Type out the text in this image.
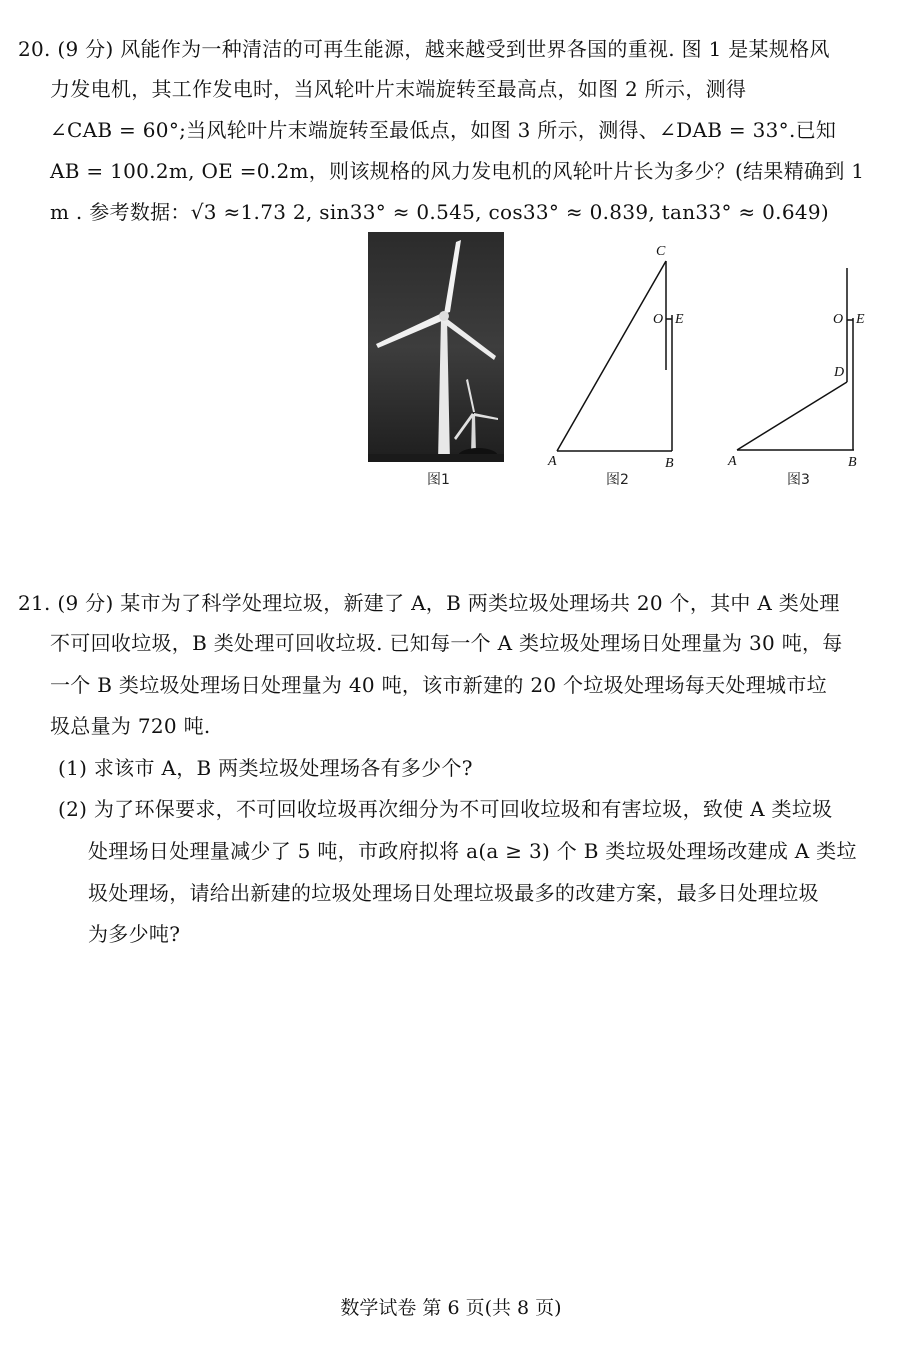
20. (9 分) 风能作为一种清洁的可再生能源，越来越受到世界各国的重视. 图 1 是某规格风
力发电机，其工作发电时，当风轮叶片末端旋转至最高点，如图 2 所示，测得
∠CAB = 60°;当风轮叶片末端旋转至最低点，如图 3 所示，测得、∠DAB = 33°.已知
AB = 100.2m, OE =0.2m，则该规格的风力发电机的风轮叶片长为多少？(结果精确到 1
m . 参考数据：√3 ≈1.73 2, sin33° ≈ 0.545, cos33° ≈ 0.839, tan33° ≈ 0.649)
图1
C
O E
A	B
图2
O E
D
A	B
图3
21. (9 分) 某市为了科学处理垃圾，新建了 A，B 两类垃圾处理场共 20 个，其中 A 类处理
不可回收垃圾，B 类处理可回收垃圾. 已知每一个 A 类垃圾处理场日处理量为 30 吨，每
一个 B 类垃圾处理场日处理量为 40 吨，该市新建的 20 个垃圾处理场每天处理城市垃
圾总量为 720 吨.
(1) 求该市 A，B 两类垃圾处理场各有多少个?
(2) 为了环保要求，不可回收垃圾再次细分为不可回收垃圾和有害垃圾，致使 A 类垃圾
处理场日处理量减少了 5 吨，市政府拟将 a(a ≥ 3) 个 B 类垃圾处理场改建成 A 类垃
圾处理场，请给出新建的垃圾处理场日处理垃圾最多的改建方案，最多日处理垃圾
为多少吨?
数学试卷 第 6 页(共 8 页)
